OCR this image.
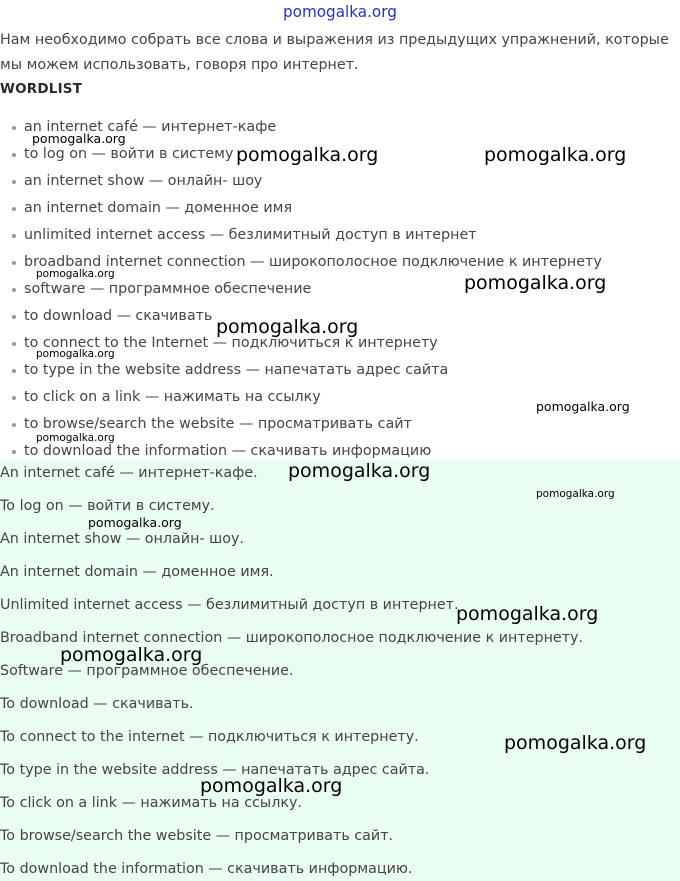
pomogalka.org
Нам необходимо собрать все слова и выражения из предыдущих упражнений, которые мы можем использовать, говоря про интернет.
WORDLIST
an internet café — интернет-кафе
to log on — войти в систему
an internet show — онлайн- шоу
an internet domain — доменное имя
unlimited internet access — безлимитный доступ в интернет
broadband internet connection — широкополосное подключение к интернету
software — программное обеспечение
to download — скачивать
to connect to the Internet — подключиться к интернету
to type in the website address — напечатать адрес сайта
to click on a link — нажимать на ссылку
to browse/search the website — просматривать сайт
to download the information — скачивать информацию
An internet café — интернет-кафе.
To log on — войти в систему.
An internet show — онлайн- шоу.
An internet domain — доменное имя.
Unlimited internet access — безлимитный доступ в интернет.
Broadband internet connection — широкополосное подключение к интернету.
Software — программное обеспечение.
To download — скачивать.
To connect to the internet — подключиться к интернету.
To type in the website address — напечатать адрес сайта.
To click on a link — нажимать на ссылку.
To browse/search the website — просматривать сайт.
To download the information — скачивать информацию.
pomogalka.org
pomogalka.org	pomogalka.org
pomogalka.org	pomogalka.org
pomogalka.org
pomogalka.org
pomogalka.org
pomogalka.org
pomogalka.org
pomogalka.org
pomogalka.org
pomogalka.org
pomogalka.org
pomogalka.org
pomogalka.org
